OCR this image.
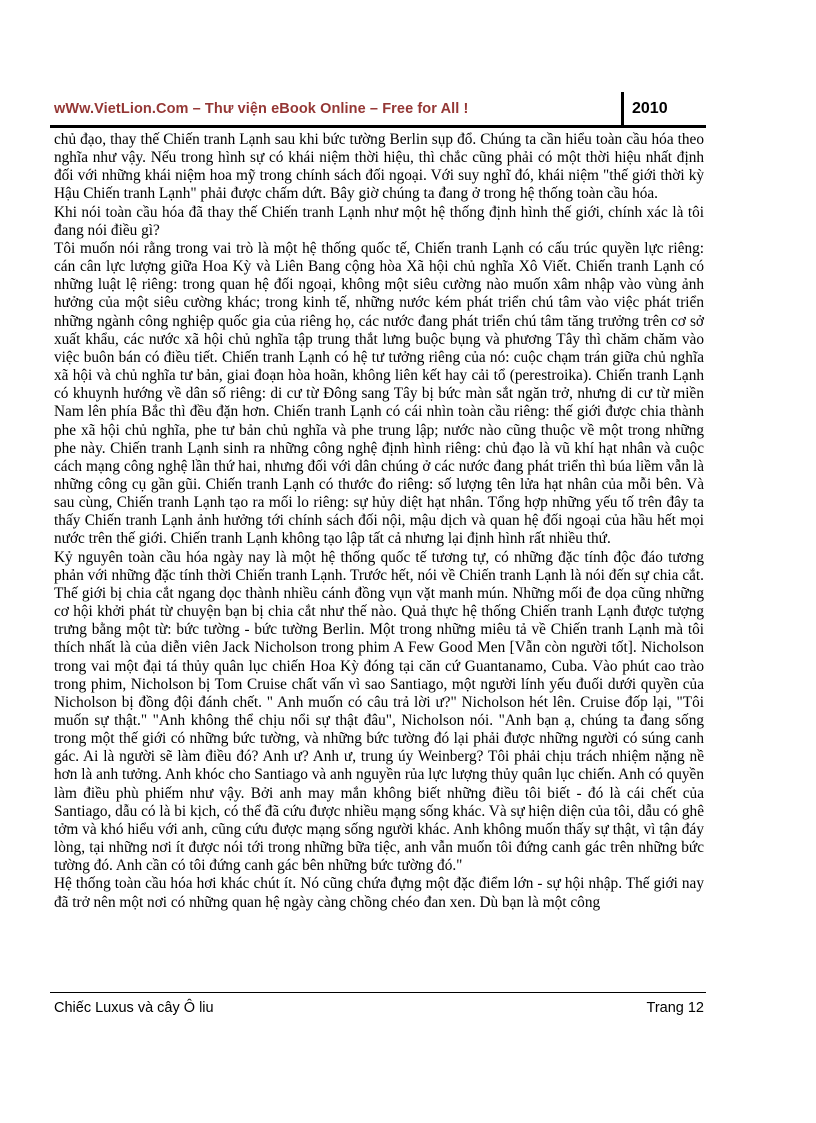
wWw.VietLion.Com – Thư viện eBook Online – Free for All !	2010

chủ đạo, thay thế Chiến tranh Lạnh sau khi bức tường Berlin sụp đổ. Chúng ta cần hiểu toàn cầu hóa theo nghĩa như vậy. Nếu trong hình sự có khái niệm thời hiệu, thì chắc cũng phải có một thời hiệu nhất định đối với những khái niệm hoa mỹ trong chính sách đối ngoại. Với suy nghĩ đó, khái niệm "thế giới thời kỳ Hậu Chiến tranh Lạnh" phải được chấm dứt. Bây giờ chúng ta đang ở trong hệ thống toàn cầu hóa.

Khi nói toàn cầu hóa đã thay thế Chiến tranh Lạnh như một hệ thống định hình thế giới, chính xác là tôi đang nói điều gì?

Tôi muốn nói rằng trong vai trò là một hệ thống quốc tế, Chiến tranh Lạnh có cấu trúc quyền lực riêng: cán cân lực lượng giữa Hoa Kỳ và Liên Bang cộng hòa Xã hội chủ nghĩa Xô Viết. Chiến tranh Lạnh có những luật lệ riêng: trong quan hệ đối ngoại, không một siêu cường nào muốn xâm nhập vào vùng ảnh hưởng của một siêu cường khác; trong kinh tế, những nước kém phát triển chú tâm vào việc phát triển những ngành công nghiệp quốc gia của riêng họ, các nước đang phát triển chú tâm tăng trưởng trên cơ sở xuất khẩu, các nước xã hội chủ nghĩa tập trung thắt lưng buộc bụng và phương Tây thì chăm chăm vào việc buôn bán có điều tiết. Chiến tranh Lạnh có hệ tư tưởng riêng của nó: cuộc chạm trán giữa chủ nghĩa xã hội và chủ nghĩa tư bản, giai đoạn hòa hoãn, không liên kết hay cải tổ (perestroika). Chiến tranh Lạnh có khuynh hướng về dân số riêng: di cư từ Đông sang Tây bị bức màn sắt ngăn trở, nhưng di cư từ miền Nam lên phía Bắc thì đều đặn hơn. Chiến tranh Lạnh có cái nhìn toàn cầu riêng: thế giới được chia thành phe xã hội chủ nghĩa, phe tư bản chủ nghĩa và phe trung lập; nước nào cũng thuộc về một trong những phe này. Chiến tranh Lạnh sinh ra những công nghệ định hình riêng: chủ đạo là vũ khí hạt nhân và cuộc cách mạng công nghệ lần thứ hai, nhưng đối với dân chúng ở các nước đang phát triển thì búa liềm vẫn là những công cụ gần gũi. Chiến tranh Lạnh có thước đo riêng: số lượng tên lửa hạt nhân của mỗi bên. Và sau cùng, Chiến tranh Lạnh tạo ra mối lo riêng: sự hủy diệt hạt nhân. Tổng hợp những yếu tố trên đây ta thấy Chiến tranh Lạnh ảnh hưởng tới chính sách đối nội, mậu dịch và quan hệ đối ngoại của hầu hết mọi nước trên thế giới. Chiến tranh Lạnh không tạo lập tất cả nhưng lại định hình rất nhiều thứ.

Kỷ nguyên toàn cầu hóa ngày nay là một hệ thống quốc tế tương tự, có những đặc tính độc đáo tương phản với những đặc tính thời Chiến tranh Lạnh. Trước hết, nói về Chiến tranh Lạnh là nói đến sự chia cắt. Thế giới bị chia cắt ngang dọc thành nhiều cánh đồng vụn vặt manh mún. Những mối đe dọa cũng những cơ hội khởi phát từ chuyện bạn bị chia cắt như thế nào. Quả thực hệ thống Chiến tranh Lạnh được tượng trưng bằng một từ: bức tường - bức tường Berlin. Một trong những miêu tả về Chiến tranh Lạnh mà tôi thích nhất là của diễn viên Jack Nicholson trong phim A Few Good Men [Vẫn còn người tốt]. Nicholson trong vai một đại tá thủy quân lục chiến Hoa Kỳ đóng tại căn cứ Guantanamo, Cuba. Vào phút cao trào trong phim, Nicholson bị Tom Cruise chất vấn vì sao Santiago, một người lính yếu đuối dưới quyền của Nicholson bị đồng đội đánh chết. " Anh muốn có câu trả lời ư?" Nicholson hét lên. Cruise đốp lại, "Tôi muốn sự thật." "Anh không thể chịu nổi sự thật đâu", Nicholson nói. "Anh bạn ạ, chúng ta đang sống trong một thế giới có những bức tường, và những bức tường đó lại phải được những người có súng canh gác. Ai là người sẽ làm điều đó? Anh ư? Anh ư, trung úy Weinberg? Tôi phải chịu trách nhiệm nặng nề hơn là anh tưởng. Anh khóc cho Santiago và anh nguyền rủa lực lượng thủy quân lục chiến. Anh có quyền làm điều phù phiếm như vậy. Bởi anh may mắn không biết những điều tôi biết - đó là cái chết của Santiago, dẫu có là bi kịch, có thể đã cứu được nhiều mạng sống khác. Và sự hiện diện của tôi, dẫu có ghê tởm và khó hiểu với anh, cũng cứu được mạng sống người khác. Anh không muốn thấy sự thật, vì tận đáy lòng, tại những nơi ít được nói tới trong những bữa tiệc, anh vẫn muốn tôi đứng canh gác trên những bức tường đó. Anh cần có tôi đứng canh gác bên những bức tường đó."

Hệ thống toàn cầu hóa hơi khác chút ít. Nó cũng chứa đựng một đặc điểm lớn - sự hội nhập. Thế giới nay đã trở nên một nơi có những quan hệ ngày càng chồng chéo đan xen. Dù bạn là một công

Chiếc Luxus và cây Ô liu	Trang 12
